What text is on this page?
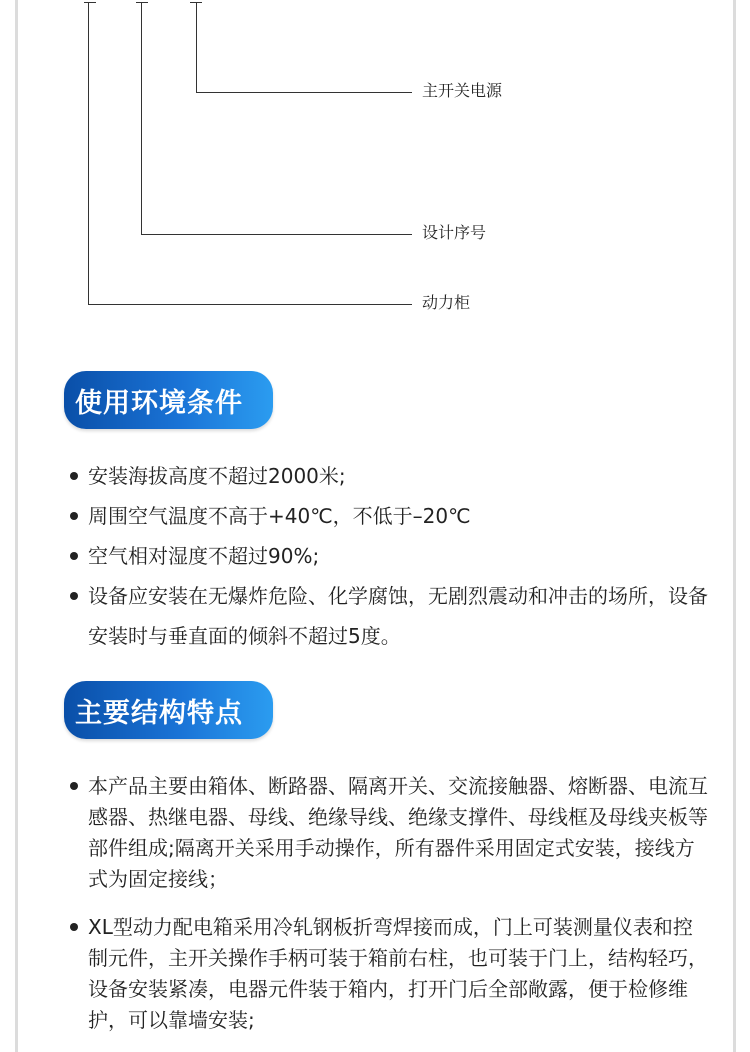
主开关电源
设计序号
动力柜
使用环境条件
安装海拔高度不超过2000米;
周围空气温度不高于+40℃，不低于–20℃
空气相对湿度不超过90%;
设备应安装在无爆炸危险、化学腐蚀，无剧烈震动和冲击的场所，设备安装时与垂直面的倾斜不超过5度。
主要结构特点
本产品主要由箱体、断路器、隔离开关、交流接触器、熔断器、电流互感器、热继电器、母线、绝缘导线、绝缘支撑件、母线框及母线夹板等部件组成;隔离开关采用手动操作，所有器件采用固定式安装，接线方式为固定接线；
XL型动力配电箱采用冷轧钢板折弯焊接而成，门上可装测量仪表和控制元件，主开关操作手柄可装于箱前右柱，也可装于门上，结构轻巧，设备安装紧凑，电器元件装于箱内，打开门后全部敞露，便于检修维护，可以靠墙安装;
